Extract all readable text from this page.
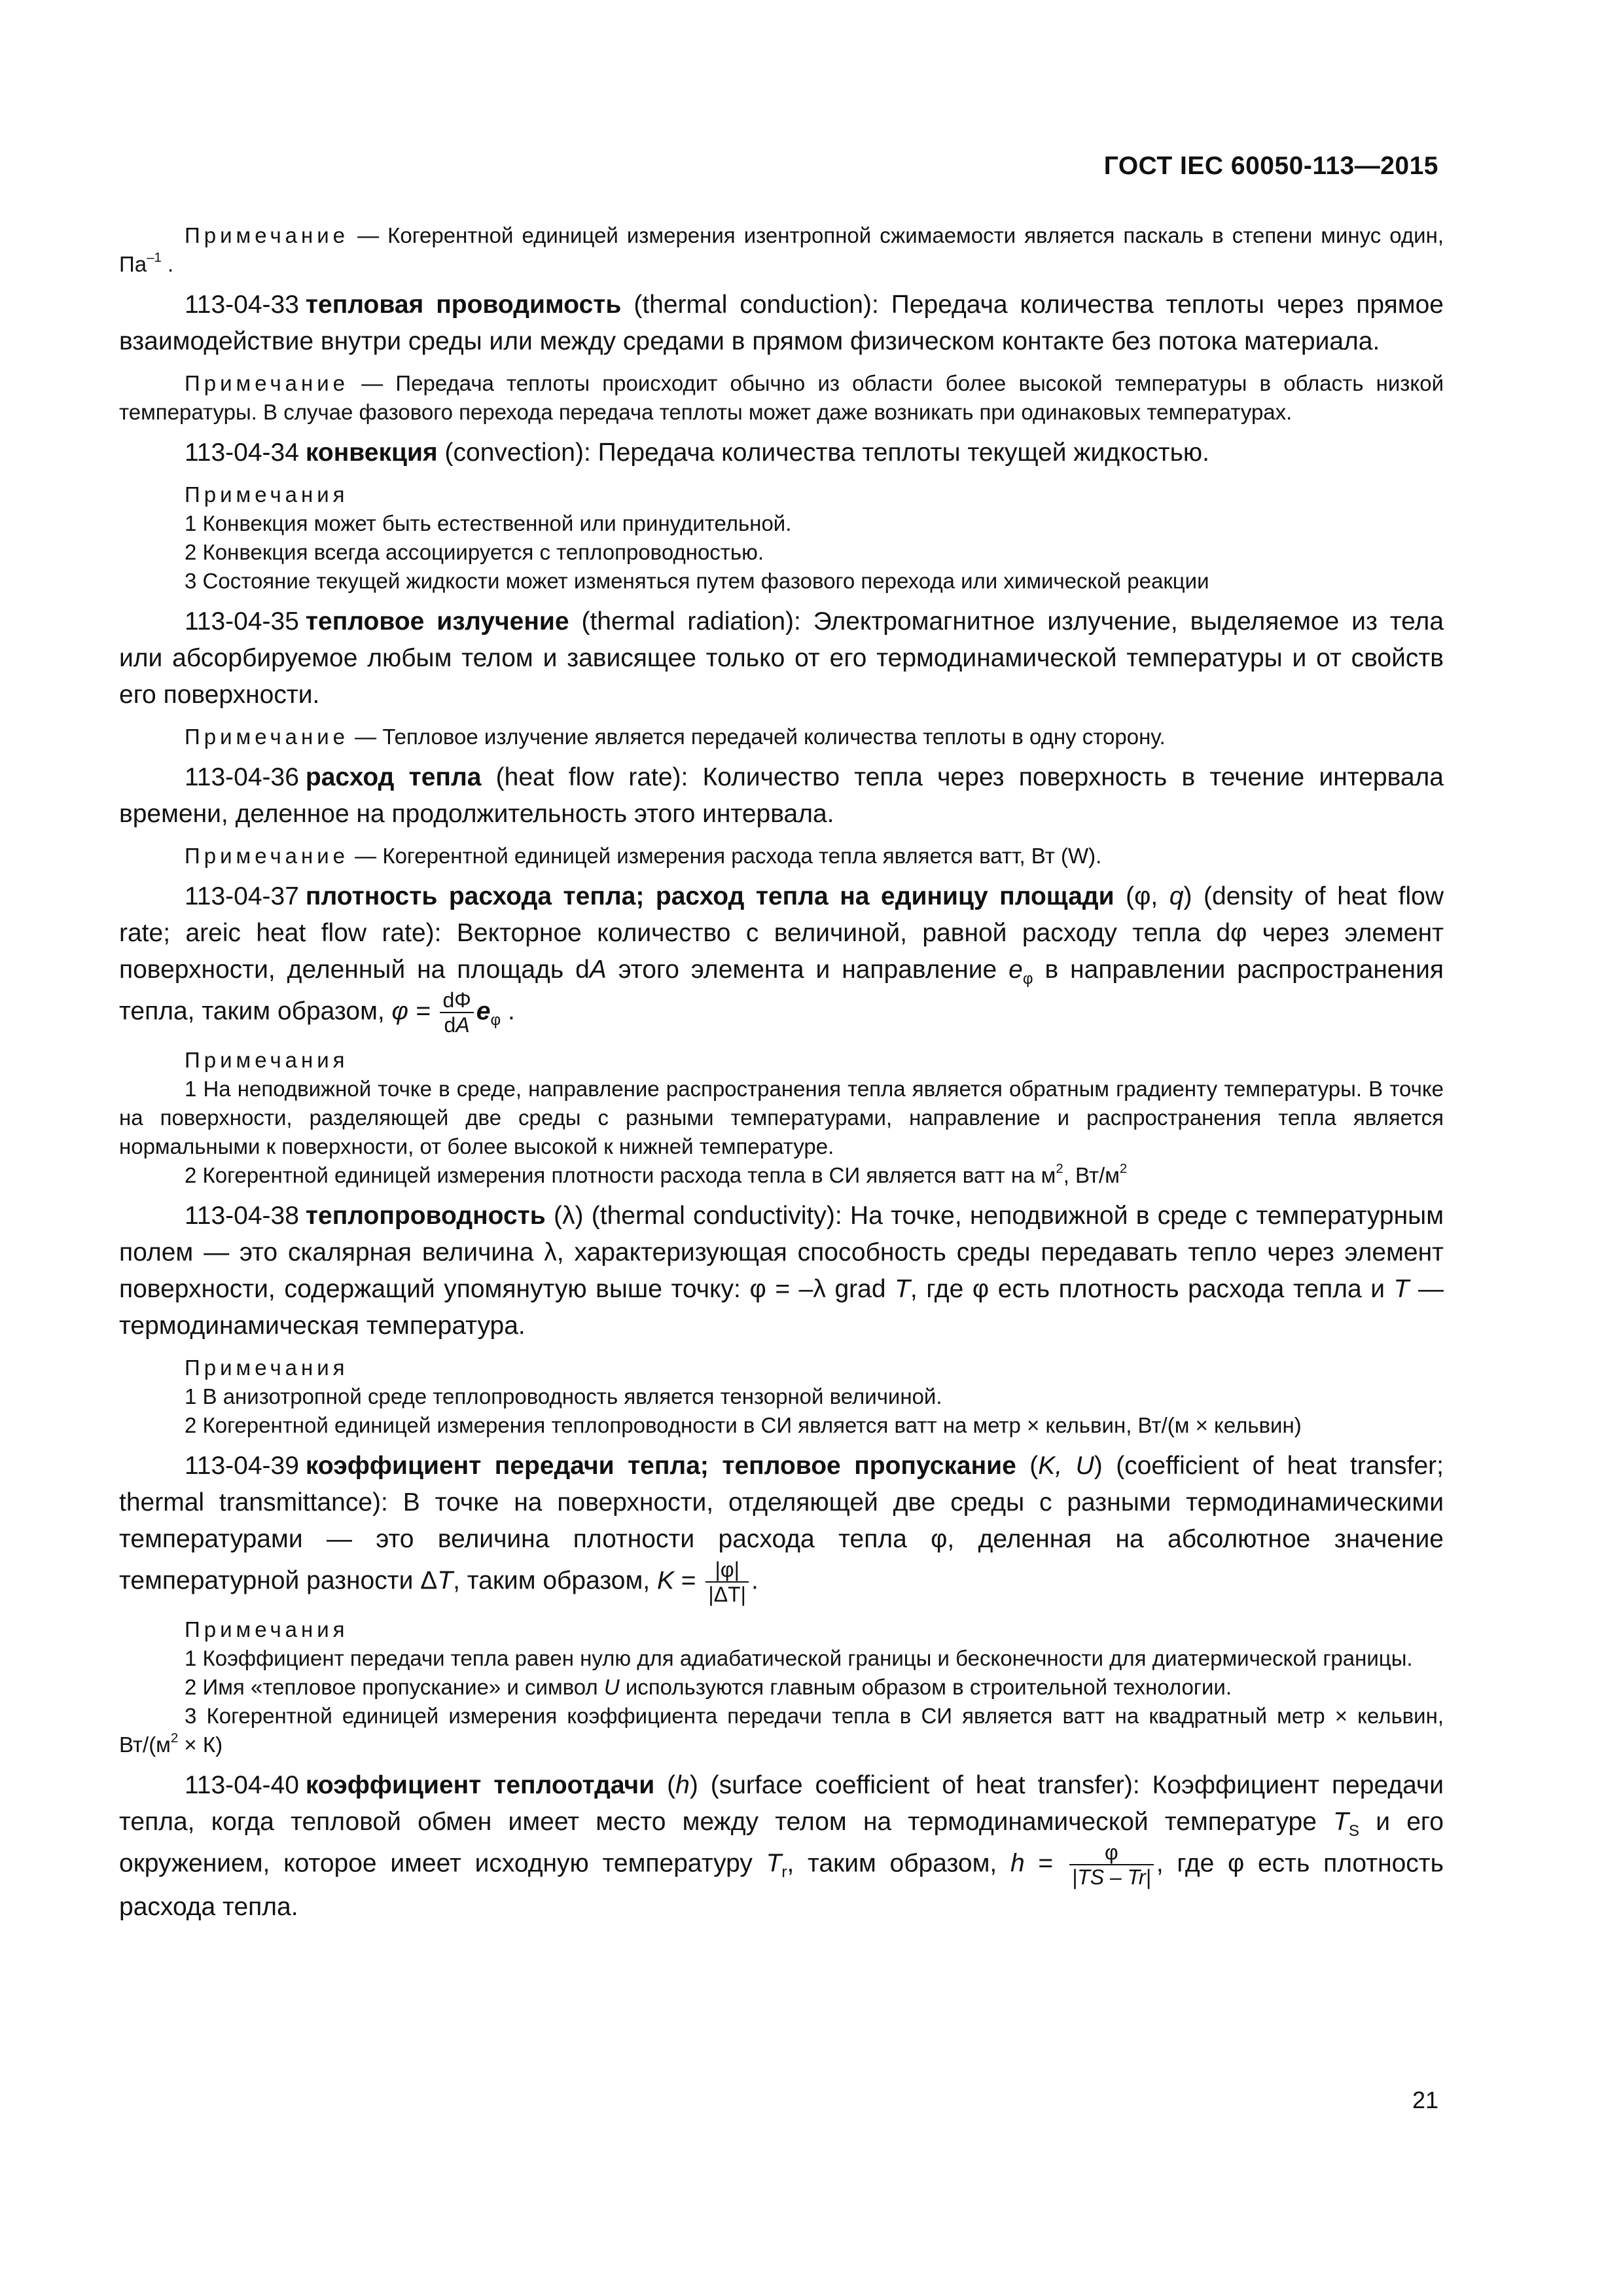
ГОСТ IEC 60050-113—2015

Примечание — Когерентной единицей измерения изентропной сжимаемости является паскаль в степени минус один, $Па^{-1}$ .

113-04-33 тепловая проводимость (thermal conduction): Передача количества теплоты через прямое взаимодействие внутри среды или между средами в прямом физическом контакте без потока материала.

Примечание — Передача теплоты происходит обычно из области более высокой температуры в область низкой температуры. В случае фазового перехода передача теплоты может даже возникать при одинаковых температурах.

113-04-34 конвекция (convection): Передача количества теплоты текущей жидкостью.

Примечания

1 Конвекция может быть естественной или принудительной.

2 Конвекция всегда ассоциируется с теплопроводностью.

3 Состояние текущей жидкости может изменяться путем фазового перехода или химической реакции

113-04-35 тепловое излучение (thermal radiation): Электромагнитное излучение, выделяемое из тела или абсорбируемое любым телом и зависящее только от его термодинамической температуры и от свойств его поверхности.

Примечание — Тепловое излучение является передачей количества теплоты в одну сторону.

113-04-36 расход тепла (heat flow rate): Количество тепла через поверхность в течение интервала времени, деленное на продолжительность этого интервала.

Примечание — Когерентной единицей измерения расхода тепла является ватт, Вт (W).

113-04-37 плотность расхода тепла; расход тепла на единицу площади (φ, q) (density of heat flow rate; areic heat flow rate): Векторное количество с величиной, равной расходу тепла dφ через элемент поверхности, деленный на площадь dA этого элемента и направление $e_\varphi$ в направлении распространения тепла, таким образом, $\varphi = \frac{d\Phi}{dA} e_\varphi$ .

Примечания

1 На неподвижной точке в среде, направление распространения тепла является обратным градиенту температуры. В точке на поверхности, разделяющей две среды с разными температурами, направление и распространения тепла является нормальными к поверхности, от более высокой к нижней температуре.

2 Когерентной единицей измерения плотности расхода тепла в СИ является ватт на $м^2$, $Вт/м^2$

113-04-38 теплопроводность (λ) (thermal conductivity): На точке, неподвижной в среде с температурным полем — это скалярная величина λ, характеризующая способность среды передавать тепло через элемент поверхности, содержащий упомянутую выше точку: φ = –λ grad T, где φ есть плотность расхода тепла и T — термодинамическая температура.

Примечания

1 В анизотропной среде теплопроводность является тензорной величиной.

2 Когерентной единицей измерения теплопроводности в СИ является ватт на метр × кельвин, Вт/(м × кельвин)

113-04-39 коэффициент передачи тепла; тепловое пропускание (K, U) (coefficient of heat transfer; thermal transmittance): В точке на поверхности, отделяющей две среды с разными термодинамическими температурами — это величина плотности расхода тепла φ, деленная на абсолютное значение температурной разности ΔT, таким образом, $K = \frac{|\varphi|}{|\Delta T|}$ .

Примечания

1 Коэффициент передачи тепла равен нулю для адиабатической границы и бесконечности для диатермической границы.

2 Имя «тепловое пропускание» и символ U используются главным образом в строительной технологии.

3 Когерентной единицей измерения коэффициента передачи тепла в СИ является ватт на квадратный метр × кельвин, $Вт/(м^2 \times К)$

113-04-40 коэффициент теплоотдачи (h) (surface coefficient of heat transfer): Коэффициент передачи тепла, когда тепловой обмен имеет место между телом на термодинамической температуре $T_S$ и его окружением, которое имеет исходную температуру $T_r$, таким образом, $h = \frac{\varphi}{|TS - Tr|}$ , где φ есть плотность расхода тепла.

21
